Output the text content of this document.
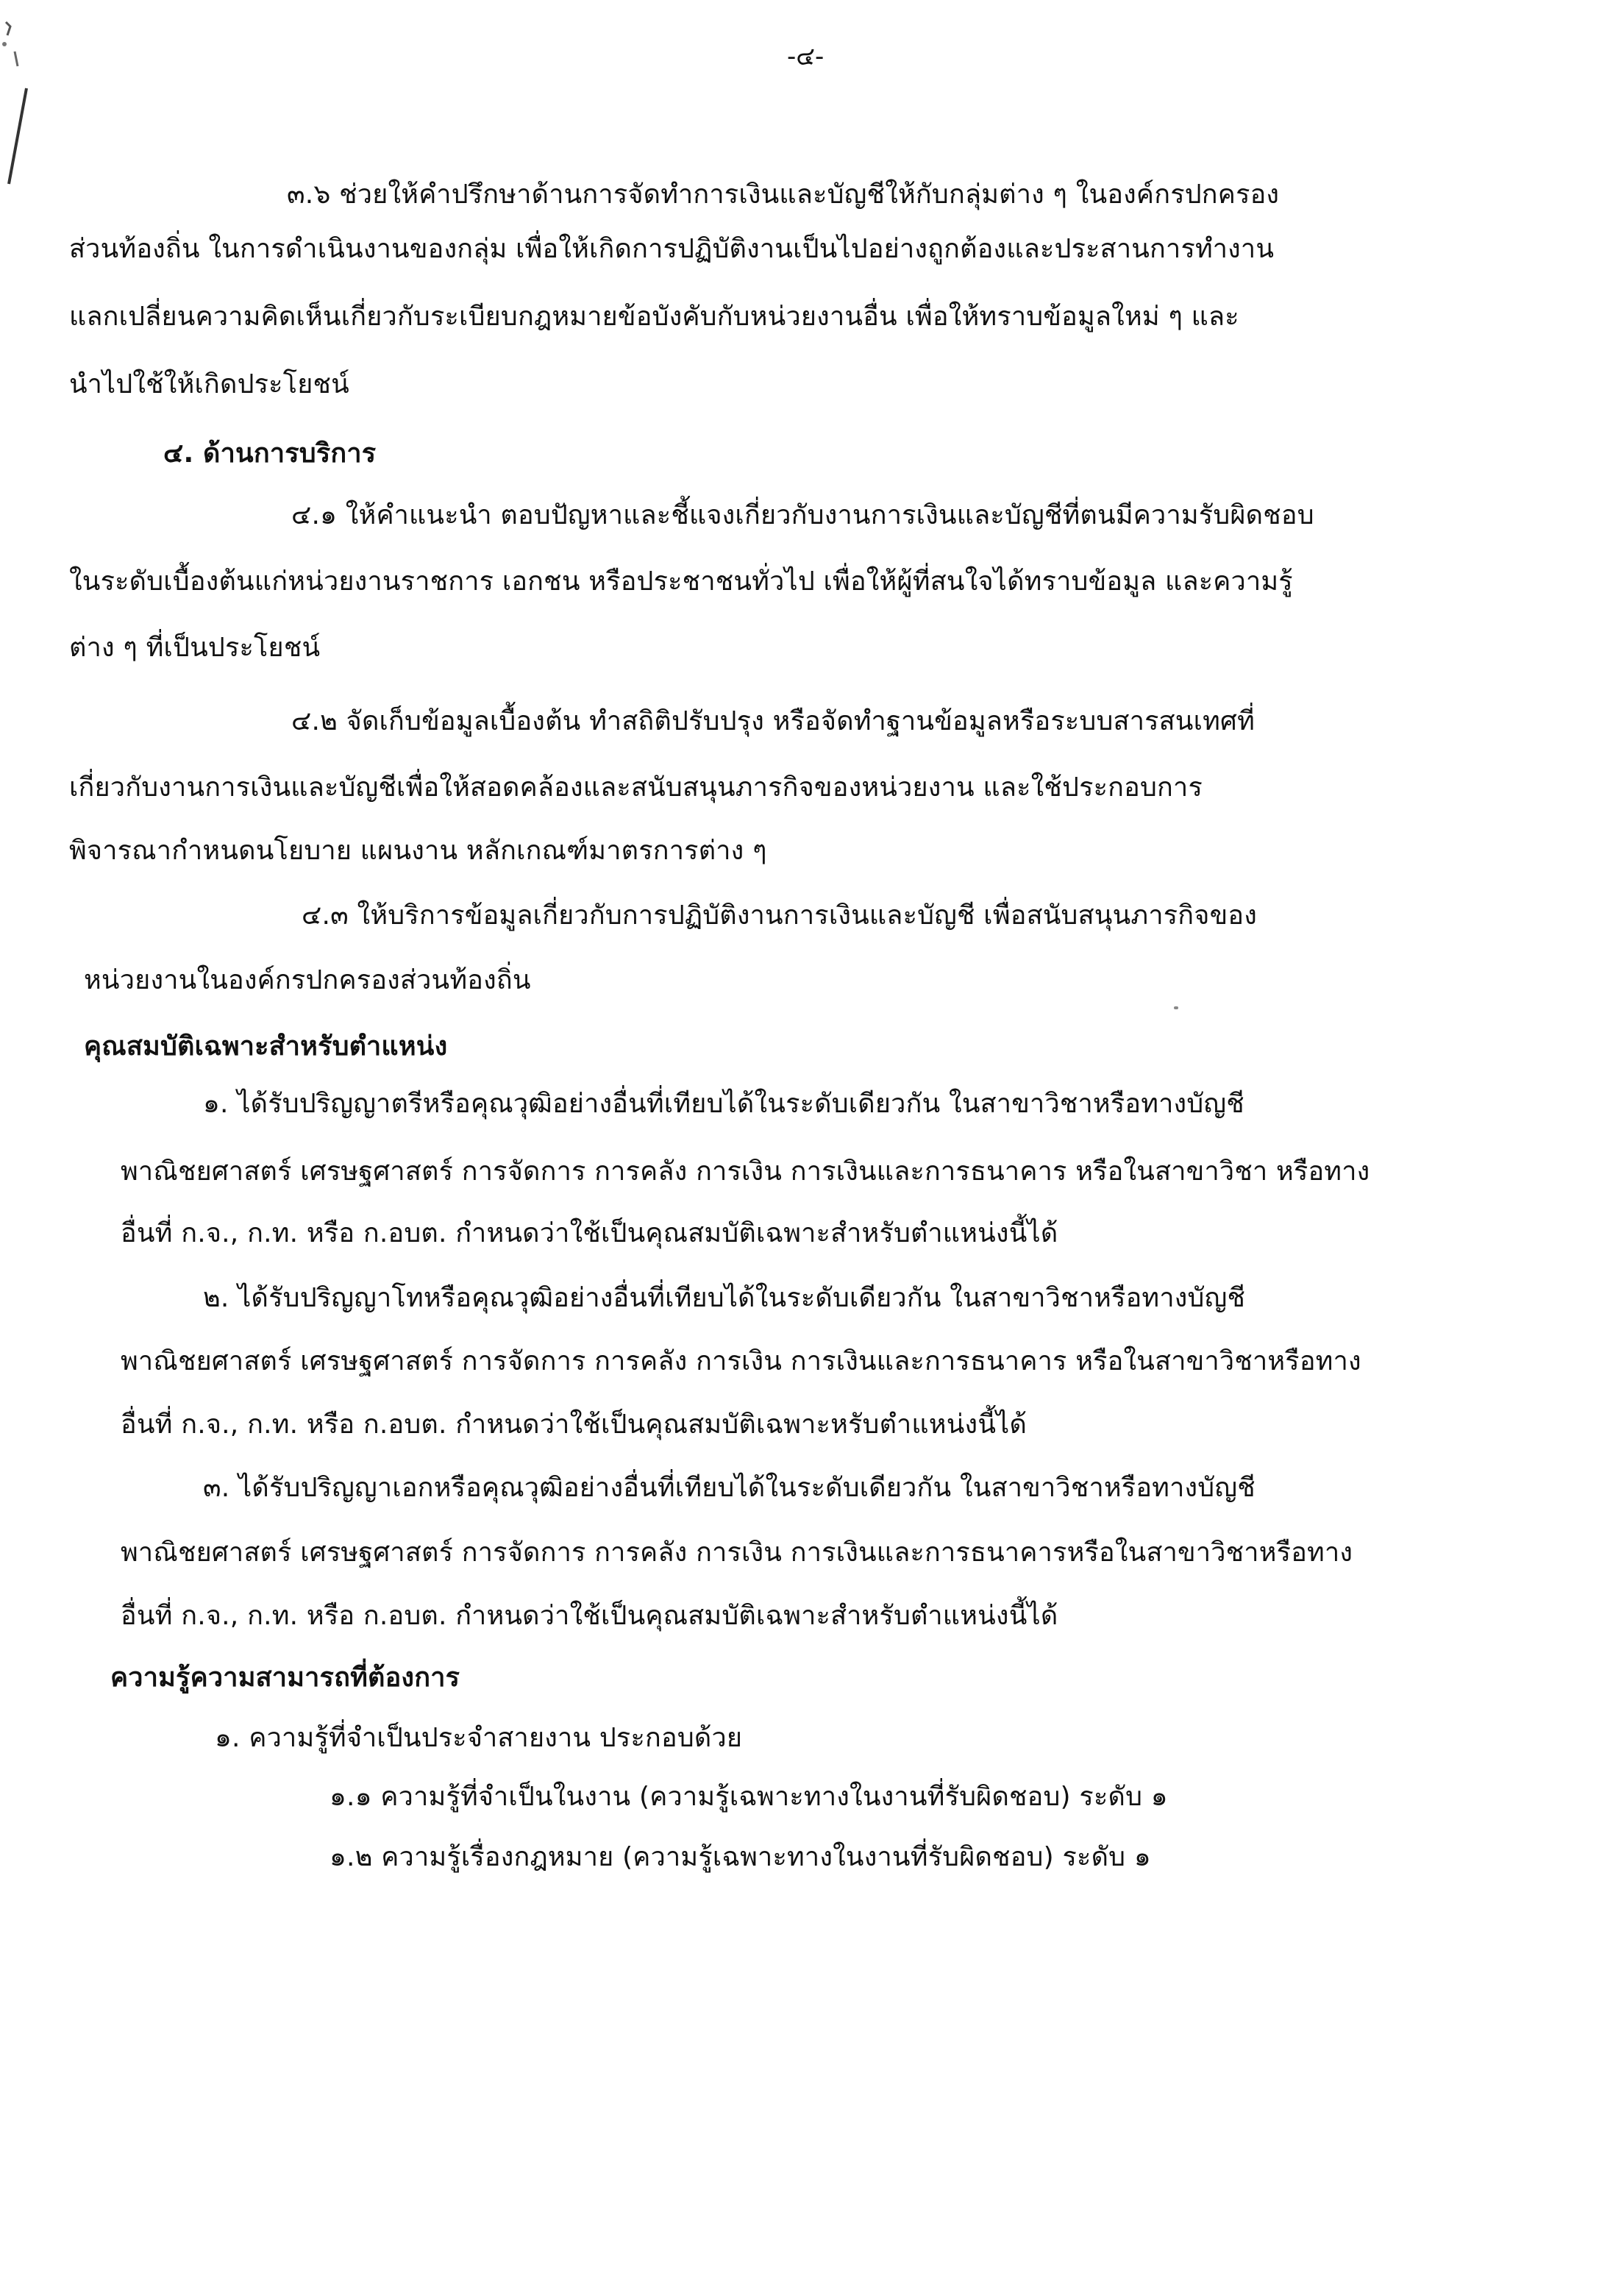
-๔-

๓.๖ ช่วยให้คำปรึกษาด้านการจัดทำการเงินและบัญชีให้กับกลุ่มต่าง ๆ ในองค์กรปกครอง

ส่วนท้องถิ่น ในการดำเนินงานของกลุ่ม เพื่อให้เกิดการปฏิบัติงานเป็นไปอย่างถูกต้องและประสานการทำงาน

แลกเปลี่ยนความคิดเห็นเกี่ยวกับระเบียบกฎหมายข้อบังคับกับหน่วยงานอื่น เพื่อให้ทราบข้อมูลใหม่ ๆ และ

นำไปใช้ให้เกิดประโยชน์

๔. ด้านการบริการ

๔.๑ ให้คำแนะนำ ตอบปัญหาและชี้แจงเกี่ยวกับงานการเงินและบัญชีที่ตนมีความรับผิดชอบ

ในระดับเบื้องต้นแก่หน่วยงานราชการ เอกชน หรือประชาชนทั่วไป เพื่อให้ผู้ที่สนใจได้ทราบข้อมูล และความรู้

ต่าง ๆ ที่เป็นประโยชน์

๔.๒ จัดเก็บข้อมูลเบื้องต้น ทำสถิติปรับปรุง หรือจัดทำฐานข้อมูลหรือระบบสารสนเทศที่

เกี่ยวกับงานการเงินและบัญชีเพื่อให้สอดคล้องและสนับสนุนภารกิจของหน่วยงาน และใช้ประกอบการ

พิจารณากำหนดนโยบาย แผนงาน หลักเกณฑ์มาตรการต่าง ๆ

๔.๓ ให้บริการข้อมูลเกี่ยวกับการปฏิบัติงานการเงินและบัญชี เพื่อสนับสนุนภารกิจของ

หน่วยงานในองค์กรปกครองส่วนท้องถิ่น

คุณสมบัติเฉพาะสำหรับตำแหน่ง

๑. ได้รับปริญญาตรีหรือคุณวุฒิอย่างอื่นที่เทียบได้ในระดับเดียวกัน ในสาขาวิชาหรือทางบัญชี

พาณิชยศาสตร์ เศรษฐศาสตร์ การจัดการ การคลัง การเงิน การเงินและการธนาคาร หรือในสาขาวิชา หรือทาง

อื่นที่ ก.จ., ก.ท. หรือ ก.อบต. กำหนดว่าใช้เป็นคุณสมบัติเฉพาะสำหรับตำแหน่งนี้ได้

๒. ได้รับปริญญาโทหรือคุณวุฒิอย่างอื่นที่เทียบได้ในระดับเดียวกัน ในสาขาวิชาหรือทางบัญชี

พาณิชยศาสตร์ เศรษฐศาสตร์ การจัดการ การคลัง การเงิน การเงินและการธนาคาร หรือในสาขาวิชาหรือทาง

อื่นที่ ก.จ., ก.ท. หรือ ก.อบต. กำหนดว่าใช้เป็นคุณสมบัติเฉพาะหรับตำแหน่งนี้ได้

๓. ได้รับปริญญาเอกหรือคุณวุฒิอย่างอื่นที่เทียบได้ในระดับเดียวกัน ในสาขาวิชาหรือทางบัญชี

พาณิชยศาสตร์ เศรษฐศาสตร์ การจัดการ การคลัง การเงิน การเงินและการธนาคารหรือในสาขาวิชาหรือทาง

อื่นที่ ก.จ., ก.ท. หรือ ก.อบต. กำหนดว่าใช้เป็นคุณสมบัติเฉพาะสำหรับตำแหน่งนี้ได้

ความรู้ความสามารถที่ต้องการ

๑. ความรู้ที่จำเป็นประจำสายงาน ประกอบด้วย

๑.๑ ความรู้ที่จำเป็นในงาน (ความรู้เฉพาะทางในงานที่รับผิดชอบ) ระดับ ๑

๑.๒ ความรู้เรื่องกฎหมาย (ความรู้เฉพาะทางในงานที่รับผิดชอบ) ระดับ ๑
